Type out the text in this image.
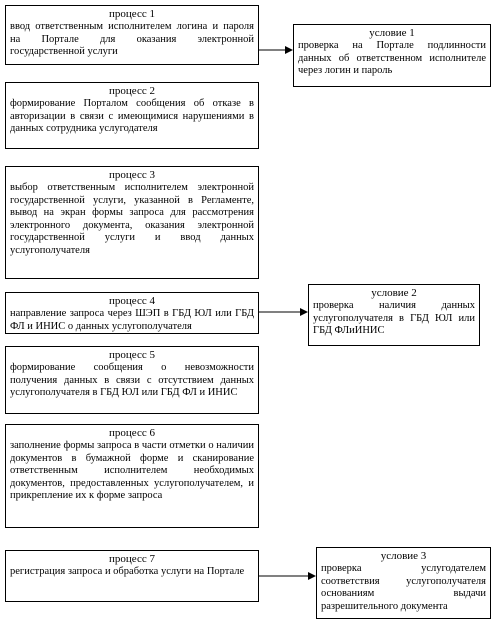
процесс 1
ввод ответственным исполнителем логина и пароля на Портале для оказания электронной государственной услуги
процесс 2
формирование Порталом сообщения об отказе в авторизации в связи с имеющимися нарушениями в данных сотрудника услугодателя
процесс 3
выбор ответственным исполнителем электронной государственной услуги, указанной в Регламенте, вывод на экран формы запроса для рассмотрения электронного документа, оказания электронной государственной услуги и ввод данных услугополучателя
процесс 4
направление запроса через ШЭП в ГБД ЮЛ или ГБД ФЛ и ИНИС о данных услугополучателя
процесс 5
формирование сообщения о невозможности получения данных в связи с отсутствием данных услугополучателя в ГБД ЮЛ или ГБД ФЛ и ИНИС
процесс 6
заполнение формы запроса в части отметки о наличии документов в бумажной форме и сканирование ответственным исполнителем необходимых документов, предоставленных услугополучателем, и прикрепление их к форме запроса
процесс 7
регистрация запроса и обработка услуги на Портале
условие 1
проверка на Портале подлинности данных об ответственном исполнителе через логин и пароль
условие 2
проверка наличия данных услугополучателя в ГБД ЮЛ или ГБД ФЛиИНИС
условие 3
проверка услугодателем соответствия услугополучателя основаниям выдачи разрешительного документа
